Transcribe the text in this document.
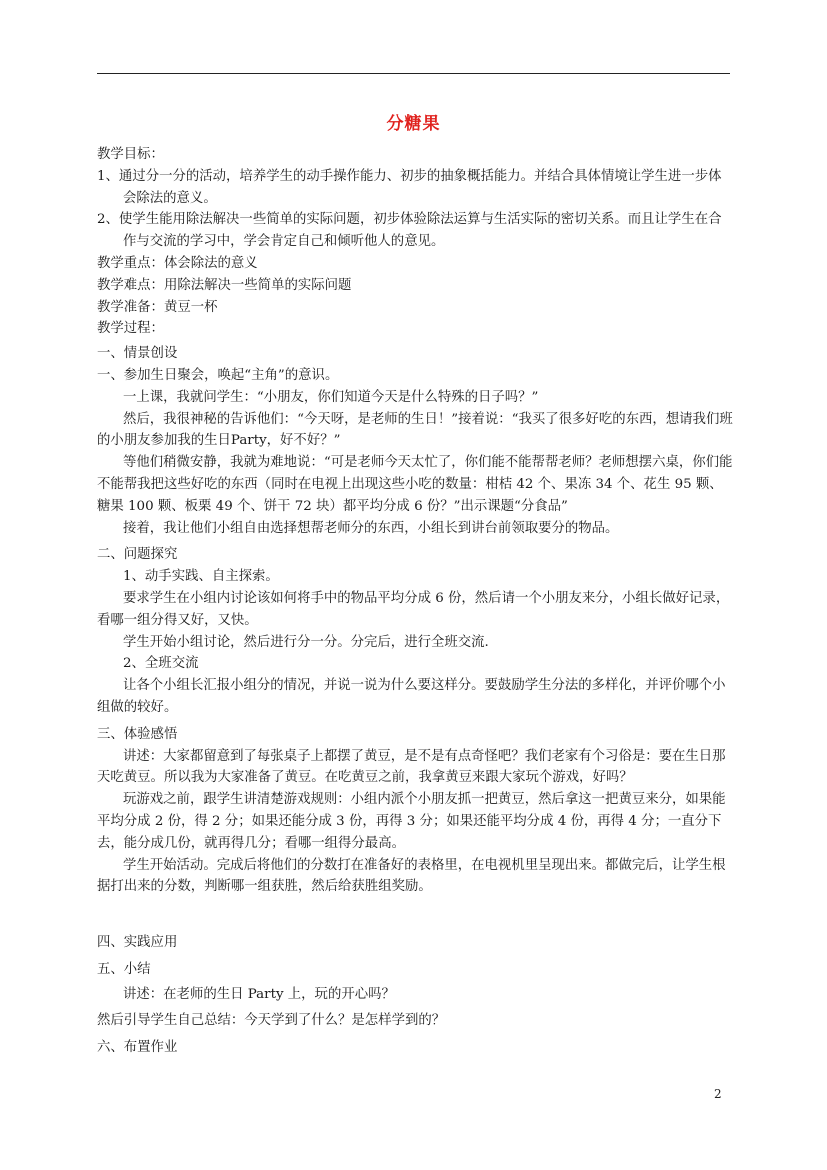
分糖果

教学目标：

1、通过分一分的活动，培养学生的动手操作能力、初步的抽象概括能力。并结合具体情境让学生进一步体会除法的意义。

2、使学生能用除法解决一些简单的实际问题，初步体验除法运算与生活实际的密切关系。而且让学生在合作与交流的学习中，学会肯定自己和倾听他人的意见。

教学重点：体会除法的意义

教学难点：用除法解决一些简单的实际问题

教学准备：黄豆一杯

教学过程：

一、情景创设

一、参加生日聚会，唤起“主角”的意识。

一上课，我就问学生：“小朋友，你们知道今天是什么特殊的日子吗？”

然后，我很神秘的告诉他们：“今天呀，是老师的生日！”接着说：“我买了很多好吃的东西，想请我们班的小朋友参加我的生日Party，好不好？”

等他们稍微安静，我就为难地说：“可是老师今天太忙了，你们能不能帮帮老师？老师想摆六桌，你们能不能帮我把这些好吃的东西（同时在电视上出现这些小吃的数量：柑桔 42 个、果冻 34 个、花生 95 颗、糖果 100 颗、板栗 49 个、饼干 72 块）都平均分成 6 份？”出示课题“分食品”

接着，我让他们小组自由选择想帮老师分的东西，小组长到讲台前领取要分的物品。

二、问题探究

1、动手实践、自主探索。

要求学生在小组内讨论该如何将手中的物品平均分成 6 份，然后请一个小朋友来分，小组长做好记录，看哪一组分得又好，又快。

学生开始小组讨论，然后进行分一分。分完后，进行全班交流.

2、全班交流

让各个小组长汇报小组分的情况，并说一说为什么要这样分。要鼓励学生分法的多样化，并评价哪个小组做的较好。

三、体验感悟

讲述：大家都留意到了每张桌子上都摆了黄豆，是不是有点奇怪吧？我们老家有个习俗是：要在生日那天吃黄豆。所以我为大家准备了黄豆。在吃黄豆之前，我拿黄豆来跟大家玩个游戏，好吗？

玩游戏之前，跟学生讲清楚游戏规则：小组内派个小朋友抓一把黄豆，然后拿这一把黄豆来分，如果能平均分成 2 份，得 2 分；如果还能分成 3 份，再得 3 分；如果还能平均分成 4 份，再得 4 分；一直分下去，能分成几份，就再得几分；看哪一组得分最高。

学生开始活动。完成后将他们的分数打在准备好的表格里，在电视机里呈现出来。都做完后，让学生根据打出来的分数，判断哪一组获胜，然后给获胜组奖励。

四、实践应用

五、小结

讲述：在老师的生日 Party 上，玩的开心吗？

然后引导学生自己总结：今天学到了什么？是怎样学到的？

六、布置作业

2
